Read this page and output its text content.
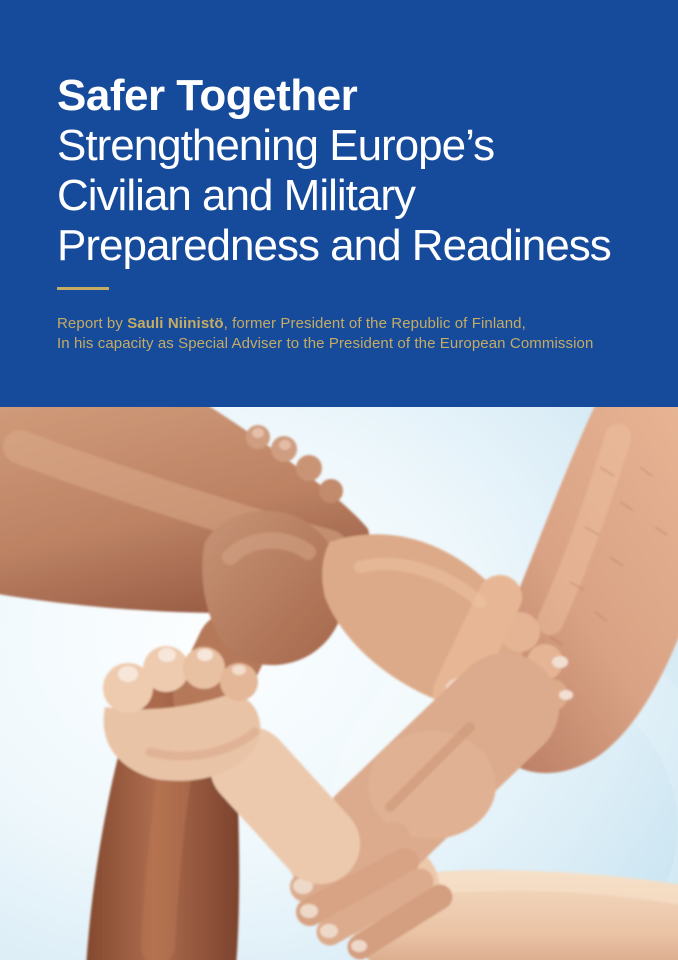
Safer Together
Strengthening Europe’s
Civilian and Military
Preparedness and Readiness

Report by Sauli Niinistö, former President of the Republic of Finland,
In his capacity as Special Adviser to the President of the European Commission
